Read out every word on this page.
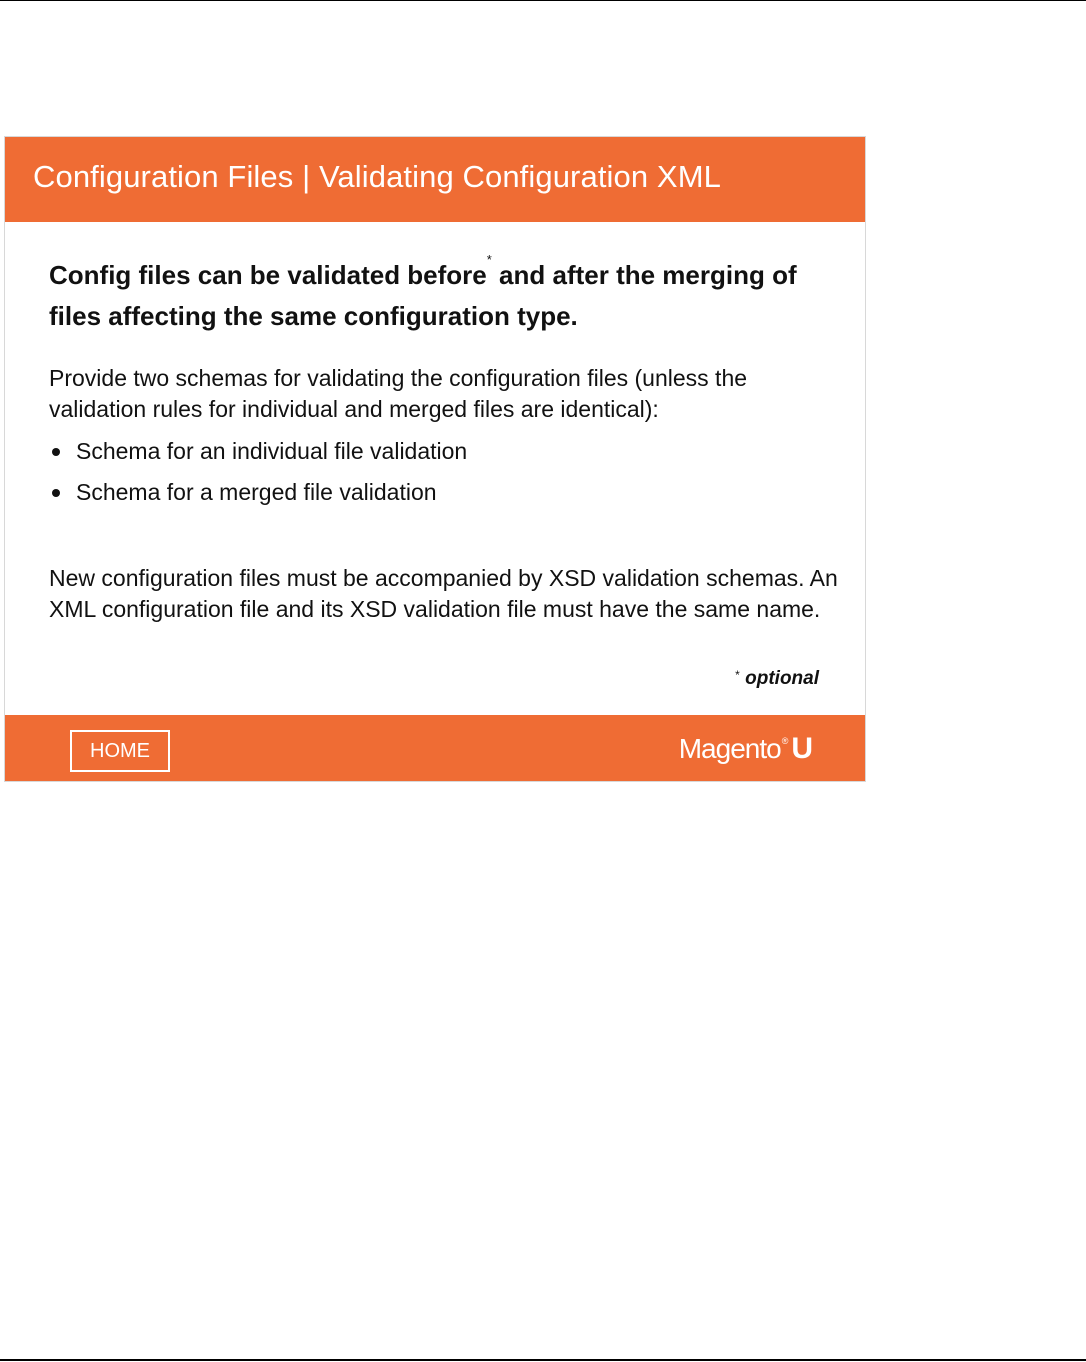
Configuration Files | Validating Configuration XML

Config files can be validated before* and after the merging of files affecting the same configuration type.

Provide two schemas for validating the configuration files (unless the validation rules for individual and merged files are identical):

Schema for an individual file validation
Schema for a merged file validation

New configuration files must be accompanied by XSD validation schemas. An XML configuration file and its XSD validation file must have the same name.

* optional

HOME	Magento ® U
